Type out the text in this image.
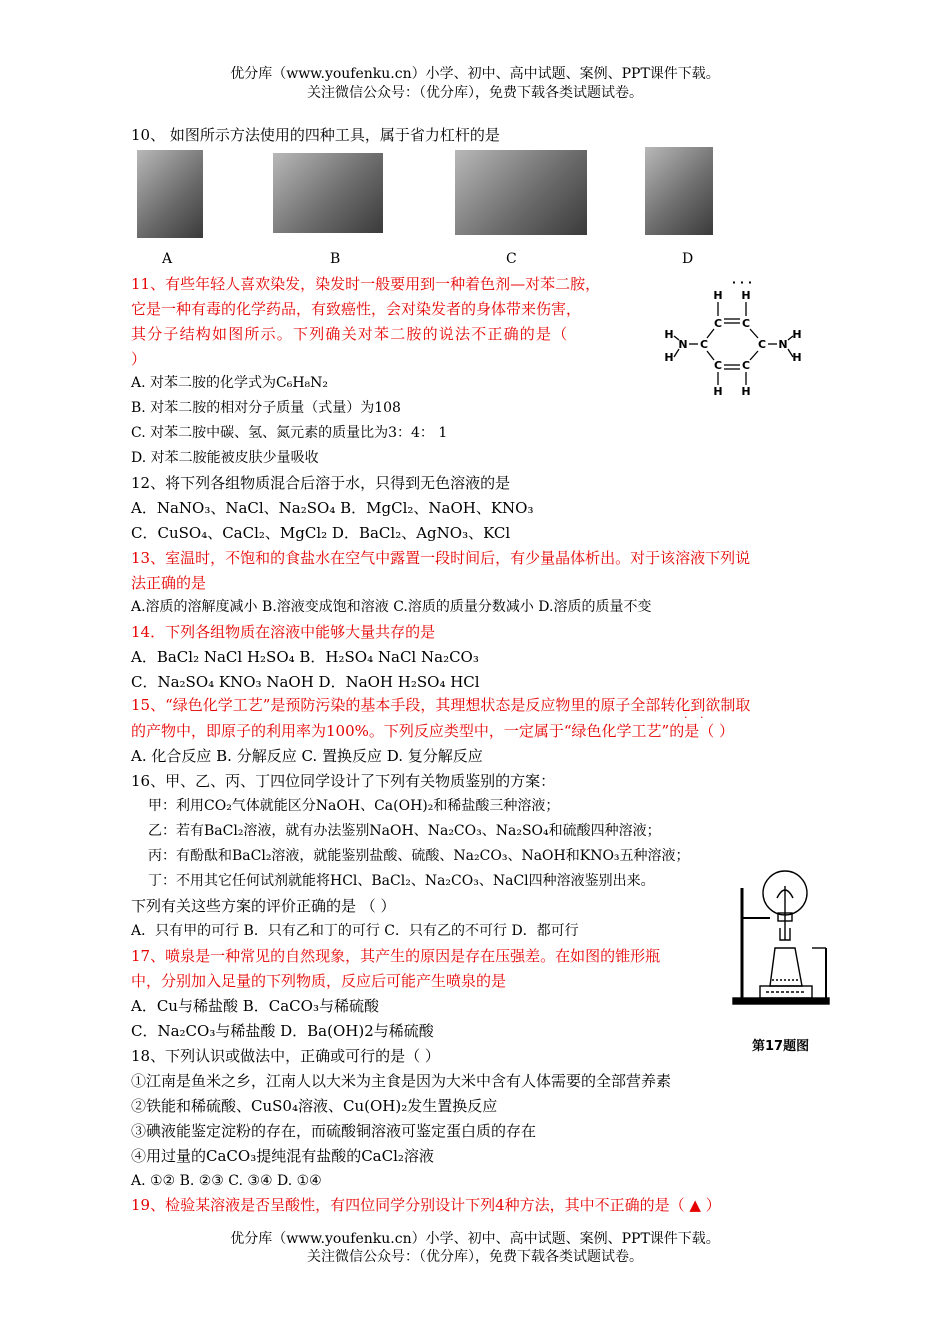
优分库（www.youfenku.cn）小学、初中、高中试题、案例、PPT课件下载。
关注微信公众号：（优分库），免费下载各类试题试卷。
10、 如图所示方法使用的四种工具，属于省力杠杆的是
A	B	C	D
11、有些年轻人喜欢染发，染发时一般要用到一种着色剂—对苯二胺，
它是一种有毒的化学药品，有致癌性，会对染发者的身体带来伤害，
其分子结构如图所示。下列确关对苯二胺的说法不正确的是（
）
A. 对苯二胺的化学式为C₆H₈N₂
B. 对苯二胺的相对分子质量（式量）为108
C. 对苯二胺中碳、氢、氮元素的质量比为3：4： 1
D. 对苯二胺能被皮肤少量吸收
· · ·
H H
C C
C	C
C C
H H
N	N
H
H
H
H
12、将下列各组物质混合后溶于水，只得到无色溶液的是
A．NaNO₃、NaCl、Na₂SO₄ B．MgCl₂、NaOH、KNO₃
C．CuSO₄、CaCl₂、MgCl₂ D．BaCl₂、AgNO₃、KCl
13、室温时，不饱和的食盐水在空气中露置一段时间后，有少量晶体析出。对于该溶液下列说
法正确的是
A.溶质的溶解度减小 B.溶液变成饱和溶液 C.溶质的质量分数减小 D.溶质的质量不变
14．下列各组物质在溶液中能够大量共存的是
A．BaCl₂ NaCl H₂SO₄ B．H₂SO₄ NaCl Na₂CO₃
C．Na₂SO₄ KNO₃ NaOH D．NaOH H₂SO₄ HCl
15、“绿色化学工艺”是预防污染的基本手段，其理想状态是反应物里的原子全部转化到欲制取
· ·
的产物中，即原子的利用率为100%。下列反应类型中，一定属于“绿色化学工艺”的是（ ）
A. 化合反应 B. 分解反应 C. 置换反应 D. 复分解反应
16、甲、乙、丙、丁四位同学设计了下列有关物质鉴别的方案：
甲：利用CO₂气体就能区分NaOH、Ca(OH)₂和稀盐酸三种溶液；
乙：若有BaCl₂溶液，就有办法鉴别NaOH、Na₂CO₃、Na₂SO₄和硫酸四种溶液；
丙：有酚酞和BaCl₂溶液，就能鉴别盐酸、硫酸、Na₂CO₃、NaOH和KNO₃五种溶液；
丁：不用其它任何试剂就能将HCl、BaCl₂、Na₂CO₃、NaCl四种溶液鉴别出来。
下列有关这些方案的评价正确的是 （ ）
A．只有甲的可行 B．只有乙和丁的可行 C．只有乙的不可行 D．都可行
17、喷泉是一种常见的自然现象，其产生的原因是存在压强差。在如图的锥形瓶
中，分别加入足量的下列物质，反应后可能产生喷泉的是
A．Cu与稀盐酸 B．CaCO₃与稀硫酸
C．Na₂CO₃与稀盐酸 D．Ba(OH)2与稀硫酸
第17题图
18、下列认识或做法中，正确或可行的是（ ）
①江南是鱼米之乡，江南人以大米为主食是因为大米中含有人体需要的全部营养素
②铁能和稀硫酸、CuS0₄溶液、Cu(OH)₂发生置换反应
③碘液能鉴定淀粉的存在，而硫酸铜溶液可鉴定蛋白质的存在
④用过量的CaCO₃提纯混有盐酸的CaCl₂溶液
A. ①② B. ②③ C. ③④ D. ①④
19、检验某溶液是否呈酸性，有四位同学分别设计下列4种方法，其中不正确的是（ ▲ ）
优分库（www.youfenku.cn）小学、初中、高中试题、案例、PPT课件下载。
关注微信公众号：（优分库），免费下载各类试题试卷。
